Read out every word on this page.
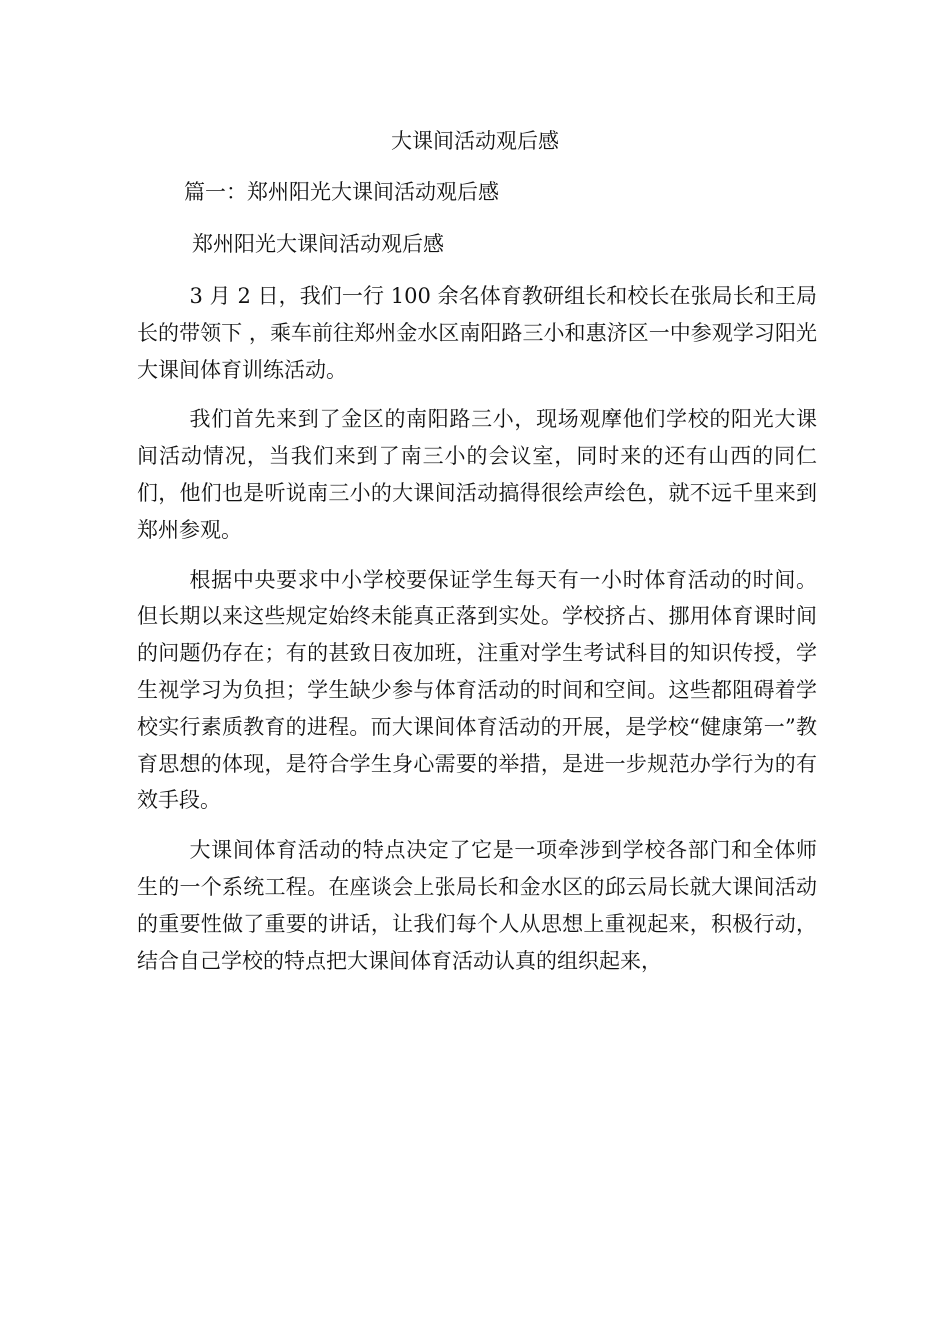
大课间活动观后感
篇一：郑州阳光大课间活动观后感
郑州阳光大课间活动观后感

3 月 2 日，我们一行 100 余名体育教研组长和校长在张局长和王局长的带领下 ，乘车前往郑州金水区南阳路三小和惠济区一中参观学习阳光大课间体育训练活动。

我们首先来到了金区的南阳路三小，现场观摩他们学校的阳光大课间活动情况，当我们来到了南三小的会议室，同时来的还有山西的同仁们，他们也是听说南三小的大课间活动搞得很绘声绘色，就不远千里来到郑州参观。

根据中央要求中小学校要保证学生每天有一小时体育活动的时间。但长期以来这些规定始终未能真正落到实处。学校挤占、挪用体育课时间的问题仍存在；有的甚致日夜加班，注重对学生考试科目的知识传授，学生视学习为负担；学生缺少参与体育活动的时间和空间。这些都阻碍着学校实行素质教育的进程。而大课间体育活动的开展，是学校“健康第一”教育思想的体现，是符合学生身心需要的举措，是进一步规范办学行为的有效手段。

大课间体育活动的特点决定了它是一项牵涉到学校各部门和全体师生的一个系统工程。在座谈会上张局长和金水区的邱云局长就大课间活动的重要性做了重要的讲话，让我们每个人从思想上重视起来，积极行动，结合自己学校的特点把大课间体育活动认真的组织起来，
